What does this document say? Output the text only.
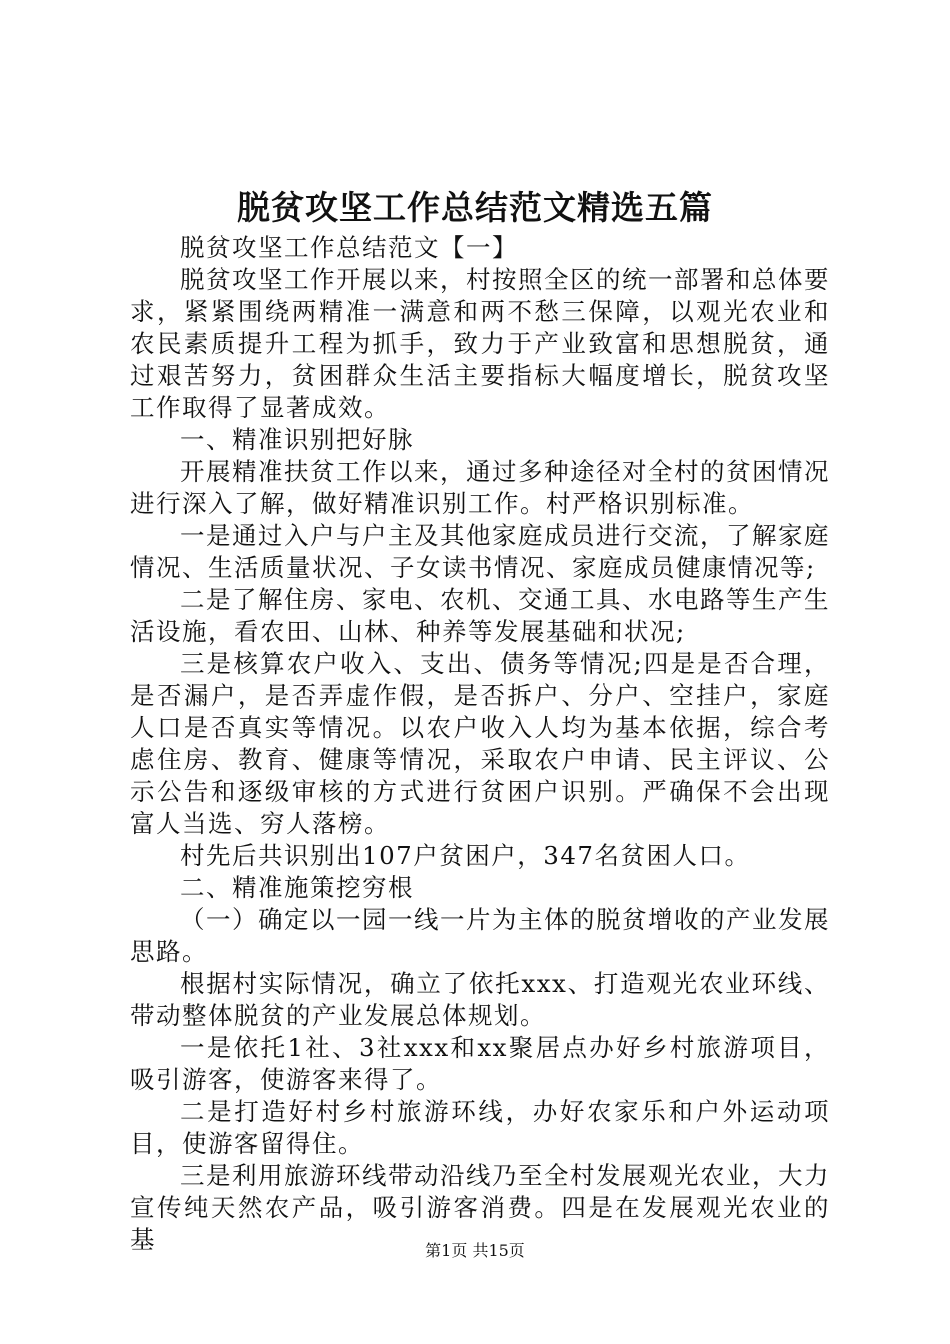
脱贫攻坚工作总结范文精选五篇

脱贫攻坚工作总结范文【一】

脱贫攻坚工作开展以来，村按照全区的统一部署和总体要求，紧紧围绕两精准一满意和两不愁三保障，以观光农业和农民素质提升工程为抓手，致力于产业致富和思想脱贫，通过艰苦努力，贫困群众生活主要指标大幅度增长，脱贫攻坚工作取得了显著成效。

一、精准识别把好脉

开展精准扶贫工作以来，通过多种途径对全村的贫困情况进行深入了解，做好精准识别工作。村严格识别标准。

一是通过入户与户主及其他家庭成员进行交流，了解家庭情况、生活质量状况、子女读书情况、家庭成员健康情况等;

二是了解住房、家电、农机、交通工具、水电路等生产生活设施，看农田、山林、种养等发展基础和状况;

三是核算农户收入、支出、债务等情况;四是是否合理，是否漏户，是否弄虚作假，是否拆户、分户、空挂户，家庭人口是否真实等情况。以农户收入人均为基本依据，综合考虑住房、教育、健康等情况，采取农户申请、民主评议、公示公告和逐级审核的方式进行贫困户识别。严确保不会出现富人当选、穷人落榜。

村先后共识别出107户贫困户，347名贫困人口。

二、精准施策挖穷根

（一）确定以一园一线一片为主体的脱贫增收的产业发展思路。

根据村实际情况，确立了依托xxx、打造观光农业环线、带动整体脱贫的产业发展总体规划。

一是依托1社、3社xxx和xx聚居点办好乡村旅游项目，吸引游客，使游客来得了。

二是打造好村乡村旅游环线，办好农家乐和户外运动项目，使游客留得住。

三是利用旅游环线带动沿线乃至全村发展观光农业，大力宣传纯天然农产品，吸引游客消费。四是在发展观光农业的基	第1页 共15页
